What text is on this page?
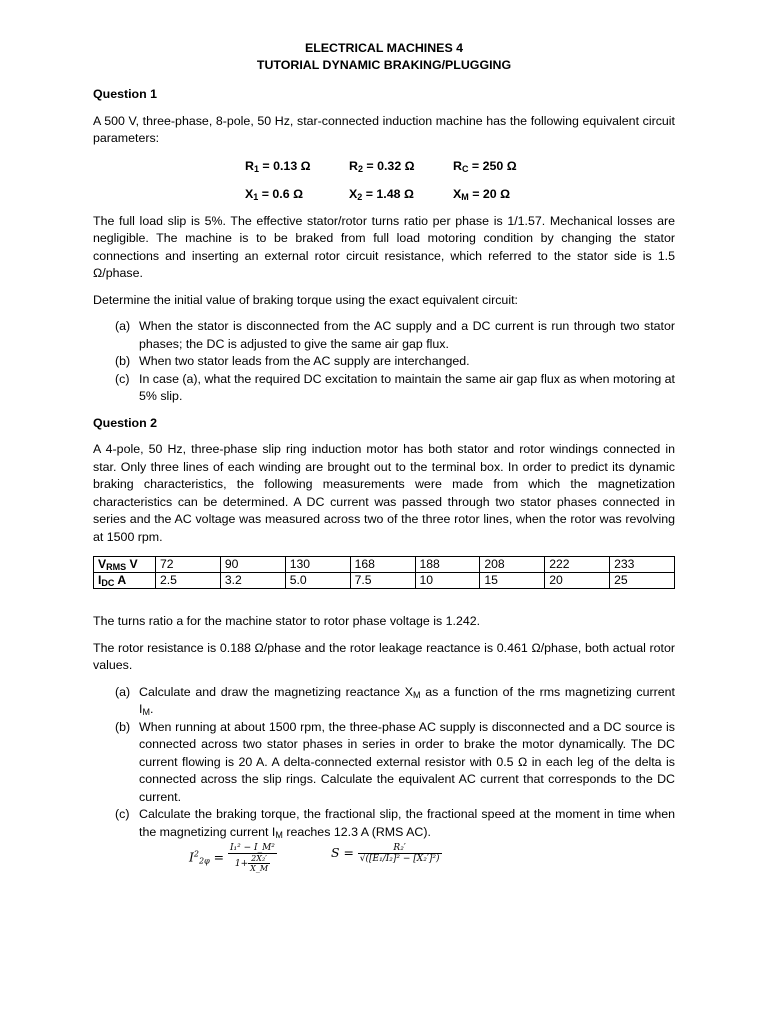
ELECTRICAL MACHINES 4
TUTORIAL DYNAMIC BRAKING/PLUGGING
Question 1

A 500 V, three-phase, 8-pole, 50 Hz, star-connected induction machine has the following equivalent circuit parameters:

$R_1 = 0.13$ Ω	$R_2 = 0.32$ Ω	$R_C = 250$ Ω
$X_1 = 0.6$ Ω	$X_2 = 1.48$ Ω	$X_M = 20$ Ω

The full load slip is 5%. The effective stator/rotor turns ratio per phase is 1/1.57. Mechanical losses are negligible. The machine is to be braked from full load motoring condition by changing the stator connections and inserting an external rotor circuit resistance, which referred to the stator side is 1.5 Ω/phase.

Determine the initial value of braking torque using the exact equivalent circuit:

(a) When the stator is disconnected from the AC supply and a DC current is run through two stator phases; the DC is adjusted to give the same air gap flux.
(b) When two stator leads from the AC supply are interchanged.
(c) In case (a), what the required DC excitation to maintain the same air gap flux as when motoring at 5% slip.
Question 2

A 4-pole, 50 Hz, three-phase slip ring induction motor has both stator and rotor windings connected in star. Only three lines of each winding are brought out to the terminal box. In order to predict its dynamic braking characteristics, the following measurements were made from which the magnetization characteristics can be determined. A DC current was passed through two stator phases connected in series and the AC voltage was measured across two of the three rotor lines, when the rotor was revolving at 1500 rpm.

$V_{RMS}$ V	72	90	130	168	188	208	222	233
$I_{DC}$ A	2.5	3.2	5.0	7.5	10	15	20	25

The turns ratio a for the machine stator to rotor phase voltage is 1.242.

The rotor resistance is 0.188 Ω/phase and the rotor leakage reactance is 0.461 Ω/phase, both actual rotor values.

(a) Calculate and draw the magnetizing reactance $X_M$ as a function of the rms magnetizing current $I_M$.
(b) When running at about 1500 rpm, the three-phase AC supply is disconnected and a DC source is connected across two stator phases in series in order to brake the motor dynamically. The DC current flowing is 20 A. A delta-connected external resistor with 0.5 Ω in each leg of the delta is connected across the slip rings. Calculate the equivalent AC current that corresponds to the DC current.
(c) Calculate the braking torque, the fractional slip, the fractional speed at the moment in time when the magnetizing current $I_M$ reaches 12.3 A (RMS AC).
$I^2_{2\varphi} = \frac{\text{I₁² − I\_M²}}{1+ \frac{\text{2X₂′}}{X\_M}}$	$S = \frac{\text{R₂′}}{\text{√([E₁/I₂]² − [X₂′]²)}}$
